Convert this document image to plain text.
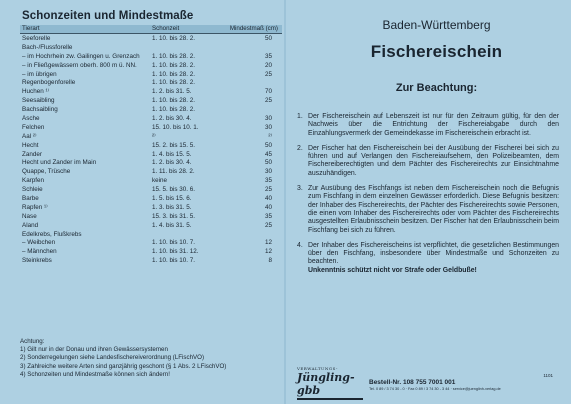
Schonzeiten und Mindestmaße
Tierart	Schonzeit	Mindestmaß (cm)
Seeforelle	1. 10. bis 28. 2.	50
Bach-/Flussforelle
– im Hochrhein zw. Gailingen u. Grenzach	1. 10. bis 28. 2.	35
– in Fließgewässern oberh. 800 m ü. NN.	1. 10. bis 28. 2.	20
– im übrigen	1. 10. bis 28. 2.	25
Regenbogenforelle	1. 10. bis 28. 2.
Huchen ¹⁾	1. 2. bis 31. 5.	70
Seesaibling	1. 10. bis 28. 2.	25
Bachsaibling	1. 10. bis 28. 2.
Äsche	1. 2. bis 30. 4.	30
Felchen	15. 10. bis 10. 1.	30
Aal ²⁾	²⁾	²⁾
Hecht	15. 2. bis 15. 5.	50
Zander	1. 4. bis 15. 5.	45
Hecht und Zander im Main	1. 2. bis 30. 4.	50
Quappe, Trüsche	1. 11. bis 28. 2.	30
Karpfen	keine	35
Schleie	15. 5. bis 30. 6.	25
Barbe	1. 5. bis 15. 6.	40
Rapfen ¹⁾	1. 3. bis 31. 5.	40
Nase	15. 3. bis 31. 5.	35
Aland	1. 4. bis 31. 5.	25
Edelkrebs, Flußkrebs
– Weibchen	1. 10. bis 10. 7.	12
– Männchen	1. 10. bis 31. 12.	12
Steinkrebs	1. 10. bis 10. 7.	8
Achtung:
1) Gilt nur in der Donau und ihren Gewässersystemen
2) Sonderregelungen siehe Landesfischereiverordnung (LFischVO)
3) Zahlreiche weitere Arten sind ganzjährig geschont (§ 1 Abs. 2 LFischVO)
4) Schonzeiten und Mindestmaße können sich ändern!
Baden-Württemberg
Fischereischein
Zur Beachtung:
1. Der Fischereischein auf Lebenszeit ist nur für den Zeitraum gültig, für den der Nachweis über die Entrichtung der Fischereiabgabe durch den Einzahlungsvermerk der Gemeindekasse im Fischereischein erbracht ist.
2. Der Fischer hat den Fischereischein bei der Ausübung der Fischerei bei sich zu führen und auf Verlangen den Fischereiaufsehern, den Polizeibeamten, dem Fischereiberechtigten und dem Pächter des Fischereirechts zur Einsichtnahme auszuhändigen.
3. Zur Ausübung des Fischfangs ist neben dem Fischereischein noch die Befugnis zum Fischfang in dem einzelnen Gewässer erforderlich. Diese Befugnis besitzen: der Inhaber des Fischereirechts, der Pächter des Fischereirechts sowie Personen, die einen vom Inhaber des Fischereirechts oder vom Pächter des Fischereirechts ausgestellten Erlaubnisschein besitzen. Der Fischer hat den Erlaubnisschein beim Fischfang bei sich zu führen.
4. Der Inhaber des Fischereischeins ist verpflichtet, die gesetzlichen Bestimmungen über den Fischfang, insbesondere über Mindestmaße und Schonzeiten zu beachten.
Unkenntnis schützt nicht vor Strafe oder Geldbuße!
VERWALTUNGS-
Jüngling-gbb
Bestell-Nr. 108 755 7001 001
Tel. 0 89 / 3 74 30 - 0 · Fax 0 89 / 3 74 30 - 3 44 · service@juenglinh-verlag.de
1101
